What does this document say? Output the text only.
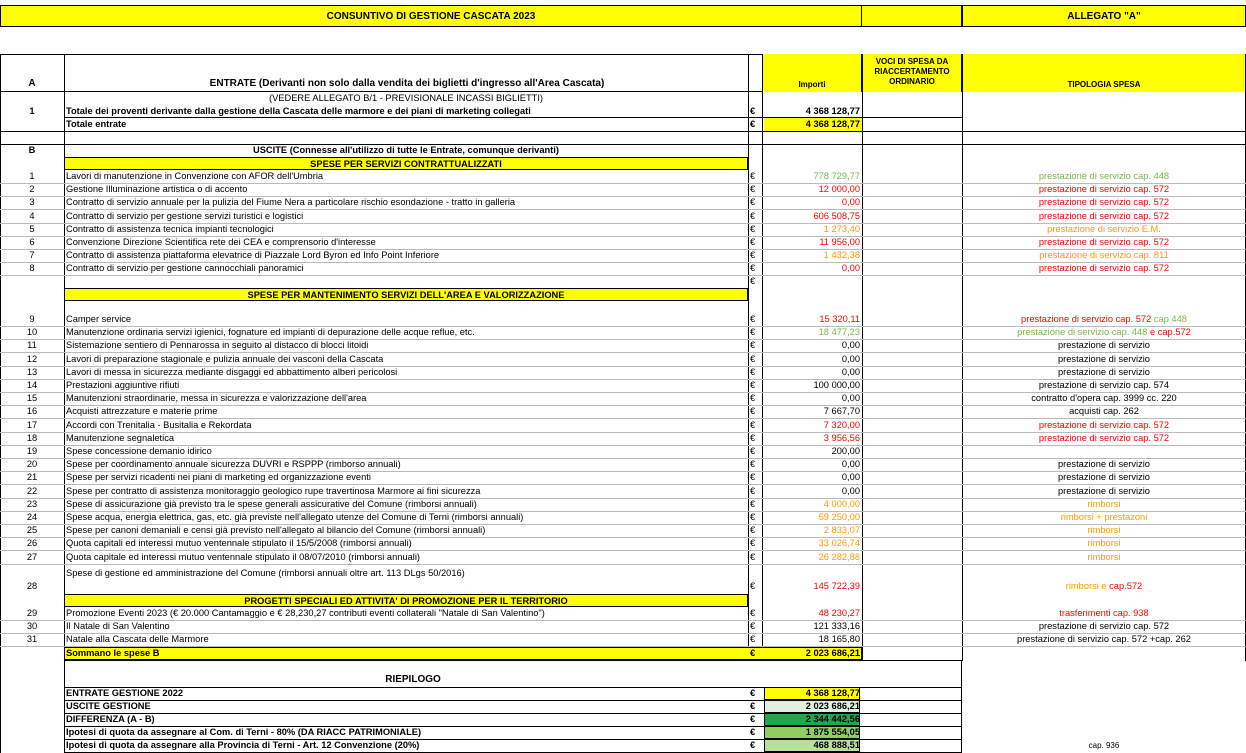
CONSUNTIVO DI GESTIONE CASCATA 2023	ALLEGATO "A"
A	ENTRATE (Derivanti non solo dalla vendita dei biglietti d'ingresso all'Area Cascata)	Importi
VOCI DI SPESA DA
RIACCERTAMENTO
ORDINARIO	TIPOLOGIA SPESA
(VEDERE ALLEGATO B/1 - PREVISIONALE INCASSI BIGLIETTI)
1	Totale dei proventi derivante dalla gestione della Cascata delle marmore e dei piani di marketing collegati	€	4 368 128,77
Totale entrate	€	4 368 128,77
B	USCITE (Connesse all'utilizzo di tutte le Entrate, comunque derivanti)
SPESE PER SERVIZI CONTRATTUALIZZATI
1	Lavori di manutenzione in Convenzione con AFOR dell'Umbria	€	778 729,77	prestazione di servizio cap. 448
2	Gestione Illuminazione artistica o di accento	€	12 000,00	prestazione di servizio cap. 572
3	Contratto di servizio annuale per la pulizia del Fiume Nera a particolare rischio esondazione - tratto in galleria	€	0,00	prestazione di servizio cap. 572
4	Contratto di servizio per gestione servizi turistici e logistici	€	606 508,75	prestazione di servizio cap. 572
5	Contratto di assistenza tecnica impianti tecnologici	€	1 273,40	prestazione di servizio E.M.
6	Convenzione Direzione Scientifica rete dei CEA e comprensorio d'interesse	€	11 956,00	prestazione di servizio cap. 572
7	Contratto di assistenza piattaforma elevatrice di Piazzale Lord Byron ed Info Point Inferiore	€	1 432,38	prestazione di servizio cap. 811
8	Contratto di servizio per gestione cannocchiali panoramici	€	0,00	prestazione di servizio cap. 572
€
SPESE PER MANTENIMENTO SERVIZI DELL'AREA E VALORIZZAZIONE
9	Camper service	€	15 320,11	prestazione di servizio cap. 572 cap 448
10	Manutenzione ordinaria servizi igienici, fognature ed impianti di depurazione delle acque reflue, etc.	€	18 477,23	prestazione di servizio cap. 448 e cap.572
11	Sistemazione sentiero di Pennarossa in seguito al distacco di blocci litoidi	€	0,00	prestazione di servizio
12	Lavori di preparazione stagionale e pulizia annuale dei vasconi della Cascata	€	0,00	prestazione di servizio
13	Lavori di messa in sicurezza mediante disgaggi ed abbattimento alberi pericolosi	€	0,00	prestazione di servizio
14	Prestazioni aggiuntive rifiuti	€	100 000,00	prestazione di servizio cap. 574
15	Manutenzioni straordinarie, messa in sicurezza e valorizzazione dell'area	€	0,00	contratto d'opera cap. 3999 cc. 220
16	Acquisti attrezzature e materie prime	€	7 667,70	acquisti cap. 262
17	Accordi con Trenitalia - Busitalia e Rekordata	€	7 320,00	prestazione di servizio cap. 572
18	Manutenzione segnaletica	€	3 956,56	prestazione di servizio cap. 572
19	Spese concessione demanio idirico	€	200,00
20	Spese per coordinamento annuale sicurezza DUVRI e RSPPP (rimborso annuali)	€	0,00	prestazione di servizio
21	Spese per servizi ricadenti nei piani di marketing ed organizzazione eventi	€	0,00	prestazione di servizio
22	Spese per contratto di assistenza monitoraggio geologico rupe travertinosa Marmore ai fini sicurezza	€	0,00	prestazione di servizio
23	Spese di assicurazione già previsto tra le spese generali assicurative del Comune (rimborsi annuali)	€	4 000,00	rimborsi
24	Spese acqua, energia elettrica, gas, etc. già previste nell'allegato utenze del Comune di Terni (rimborsi annuali)	€	59 250,00	rimborsi + prestazoni
25	Spese per canoni demaniali e censi già previsto nell'allegato al bilancio del Comune (rimborsi annuali)	€	2 833,07	rimborsi
26	Quota capitali ed interessi mutuo ventennale stipulato il 15/5/2008 (rimborsi annuali)	€	33 026,74	rimborsi
27	Quota capitale ed interessi mutuo ventennale stipulato il 08/07/2010 (rimborsi annuali)	€	26 282,88	rimborsi
Spese di gestione ed amministrazione del Comune (rimborsi annuali oltre art. 113 DLgs 50/2016)
28	€	145 722,39	rimborsi e cap.572
PROGETTI SPECIALI ED ATTIVITA' DI PROMOZIONE PER IL TERRITORIO
29	Promozione Eventi 2023 (€ 20.000 Cantamaggio e € 28,230,27 contributi eventi collaterali "Natale di San Valentino")	€	48 230,27	trasferimenti cap. 938
30	Il Natale di San Valentino	€	121 333,16	prestazione di servizio cap. 572
31	Natale alla Cascata delle Marmore	€	18 165,80	prestazione di servizio cap. 572 +cap. 262
Sommano le spese B	€	2 023 686,21
RIEPILOGO
ENTRATE GESTIONE 2022	€	4 368 128,77
USCITE GESTIONE	€	2 023 686,21
DIFFERENZA (A - B)	€	2 344 442,56
Ipotesi di quota da assegnare al Com. di Terni - 80% (DA RIACC PATRIMONIALE)	€	1 875 554,05
Ipotesi di quota da assegnare alla Provincia di Terni - Art. 12 Convenzione (20%)	€	468 888,51	cap. 936
